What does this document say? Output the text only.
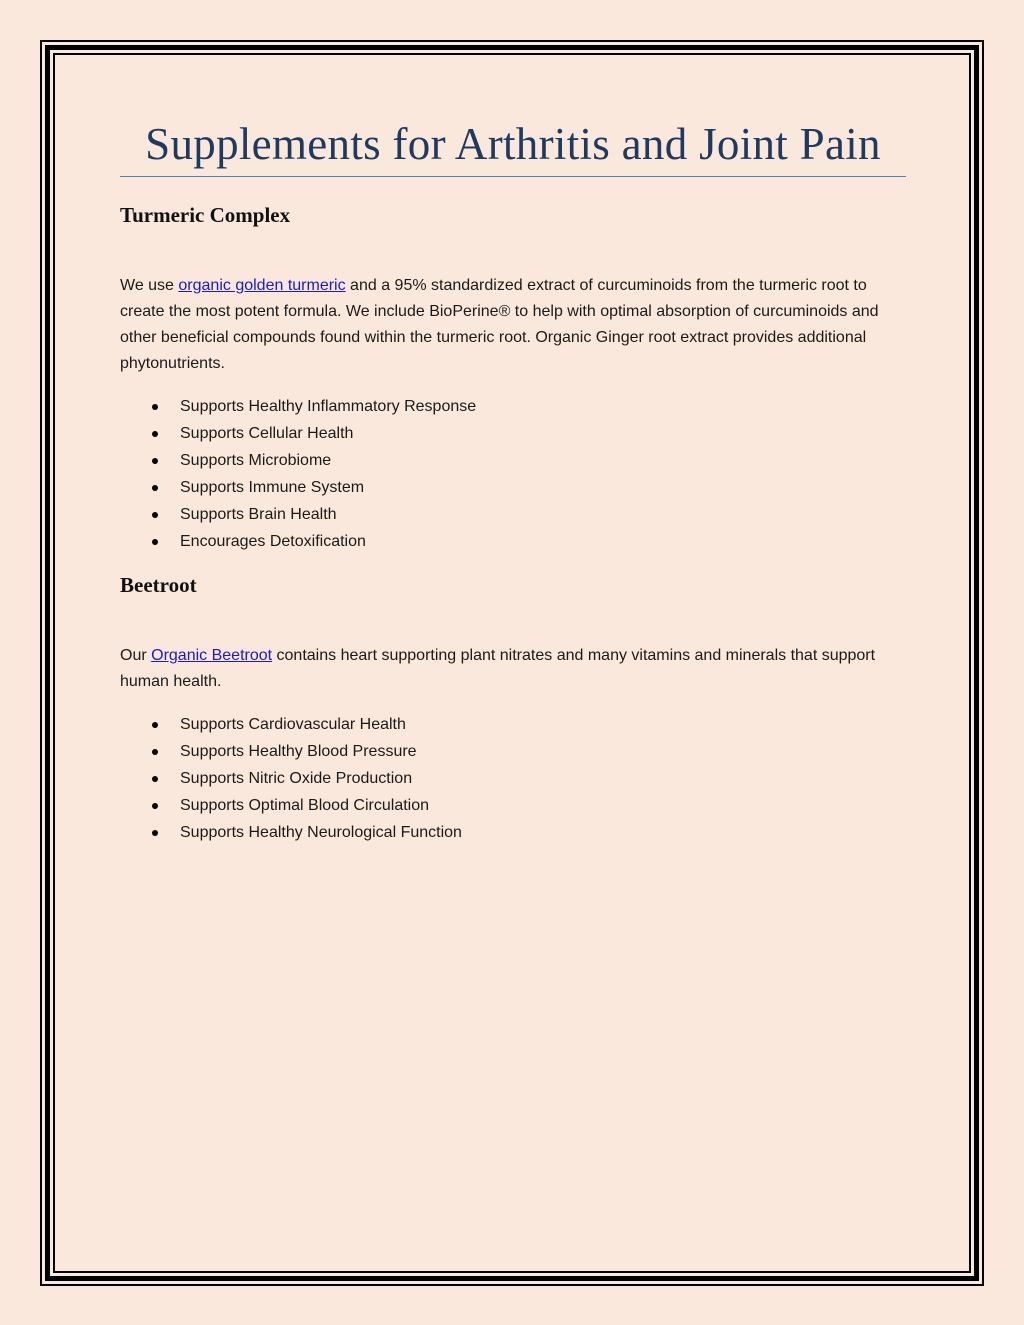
Supplements for Arthritis and Joint Pain
Turmeric Complex

We use organic golden turmeric and a 95% standardized extract of curcuminoids from the turmeric root to create the most potent formula. We include BioPerine® to help with optimal absorption of curcuminoids and other beneficial compounds found within the turmeric root. Organic Ginger root extract provides additional phytonutrients.

Supports Healthy Inflammatory Response
Supports Cellular Health
Supports Microbiome
Supports Immune System
Supports Brain Health
Encourages Detoxification
Beetroot

Our Organic Beetroot contains heart supporting plant nitrates and many vitamins and minerals that support human health.

Supports Cardiovascular Health
Supports Healthy Blood Pressure
Supports Nitric Oxide Production
Supports Optimal Blood Circulation
Supports Healthy Neurological Function
